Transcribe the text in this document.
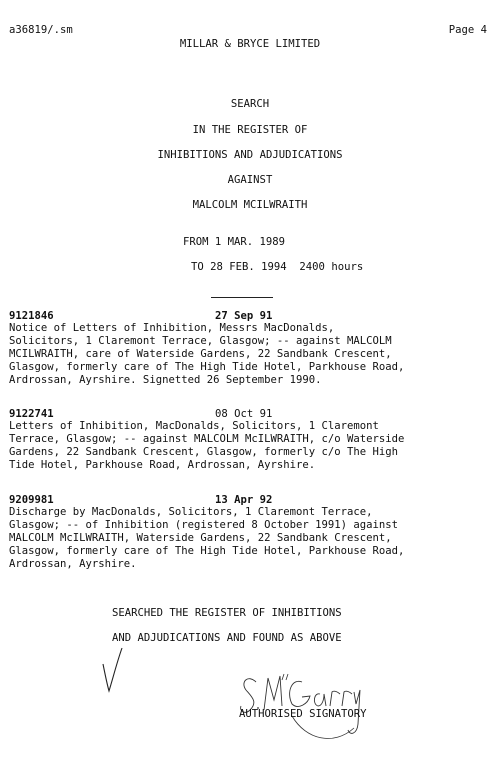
a36819/.sm	Page 4
MILLAR & BRYCE LIMITED
SEARCH
IN THE REGISTER OF
INHIBITIONS AND ADJUDICATIONS
AGAINST
MALCOLM MCILWRAITH
FROM 1 MAR. 1989
TO 28 FEB. 1994  2400 hours
9121846	27 Sep 91
Notice of Letters of Inhibition, Messrs MacDonalds,
Solicitors, 1 Claremont Terrace, Glasgow; -- against MALCOLM
MCILWRAITH, care of Waterside Gardens, 22 Sandbank Crescent,
Glasgow, formerly care of The High Tide Hotel, Parkhouse Road,
Ardrossan, Ayrshire. Signetted 26 September 1990.
9122741	08 Oct 91
Letters of Inhibition, MacDonalds, Solicitors, 1 Claremont
Terrace, Glasgow; -- against MALCOLM McILWRAITH, c/o Waterside
Gardens, 22 Sandbank Crescent, Glasgow, formerly c/o The High
Tide Hotel, Parkhouse Road, Ardrossan, Ayrshire.
9209981	13 Apr 92
Discharge by MacDonalds, Solicitors, 1 Claremont Terrace,
Glasgow; -- of Inhibition (registered 8 October 1991) against
MALCOLM McILWRAITH, Waterside Gardens, 22 Sandbank Crescent,
Glasgow, formerly care of The High Tide Hotel, Parkhouse Road,
Ardrossan, Ayrshire.
SEARCHED THE REGISTER OF INHIBITIONS
AND ADJUDICATIONS AND FOUND AS ABOVE
AUTHORISED SIGNATORY
